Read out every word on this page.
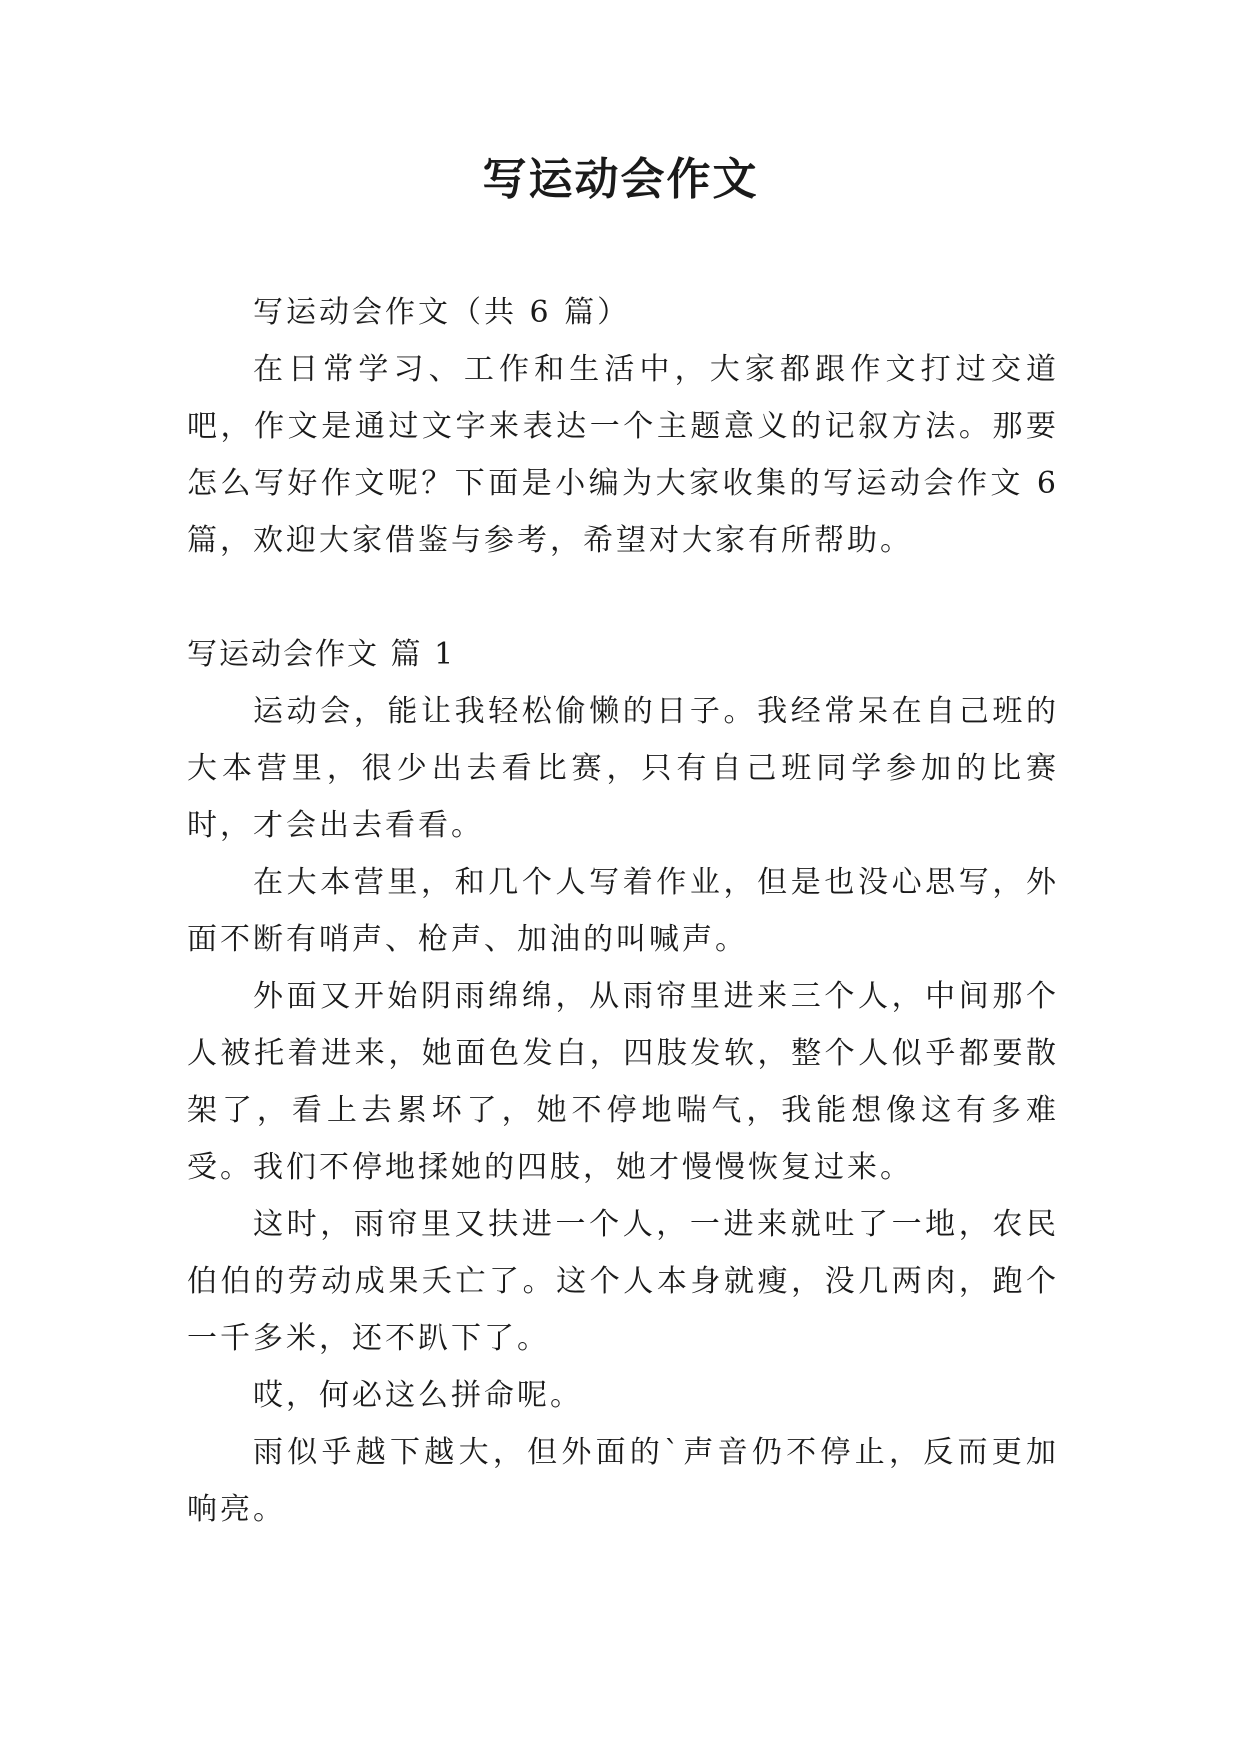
写运动会作文

写运动会作文（共 6 篇）

在日常学习、工作和生活中，大家都跟作文打过交道吧，作文是通过文字来表达一个主题意义的记叙方法。那要怎么写好作文呢？下面是小编为大家收集的写运动会作文 6 篇，欢迎大家借鉴与参考，希望对大家有所帮助。

写运动会作文 篇 1

运动会，能让我轻松偷懒的日子。我经常呆在自己班的大本营里，很少出去看比赛，只有自己班同学参加的比赛时，才会出去看看。

在大本营里，和几个人写着作业，但是也没心思写，外面不断有哨声、枪声、加油的叫喊声。

外面又开始阴雨绵绵，从雨帘里进来三个人，中间那个人被托着进来，她面色发白，四肢发软，整个人似乎都要散架了，看上去累坏了，她不停地喘气，我能想像这有多难受。我们不停地揉她的四肢，她才慢慢恢复过来。

这时，雨帘里又扶进一个人，一进来就吐了一地，农民伯伯的劳动成果夭亡了。这个人本身就瘦，没几两肉，跑个一千多米，还不趴下了。

哎，何必这么拼命呢。

雨似乎越下越大，但外面的`声音仍不停止，反而更加响亮。
